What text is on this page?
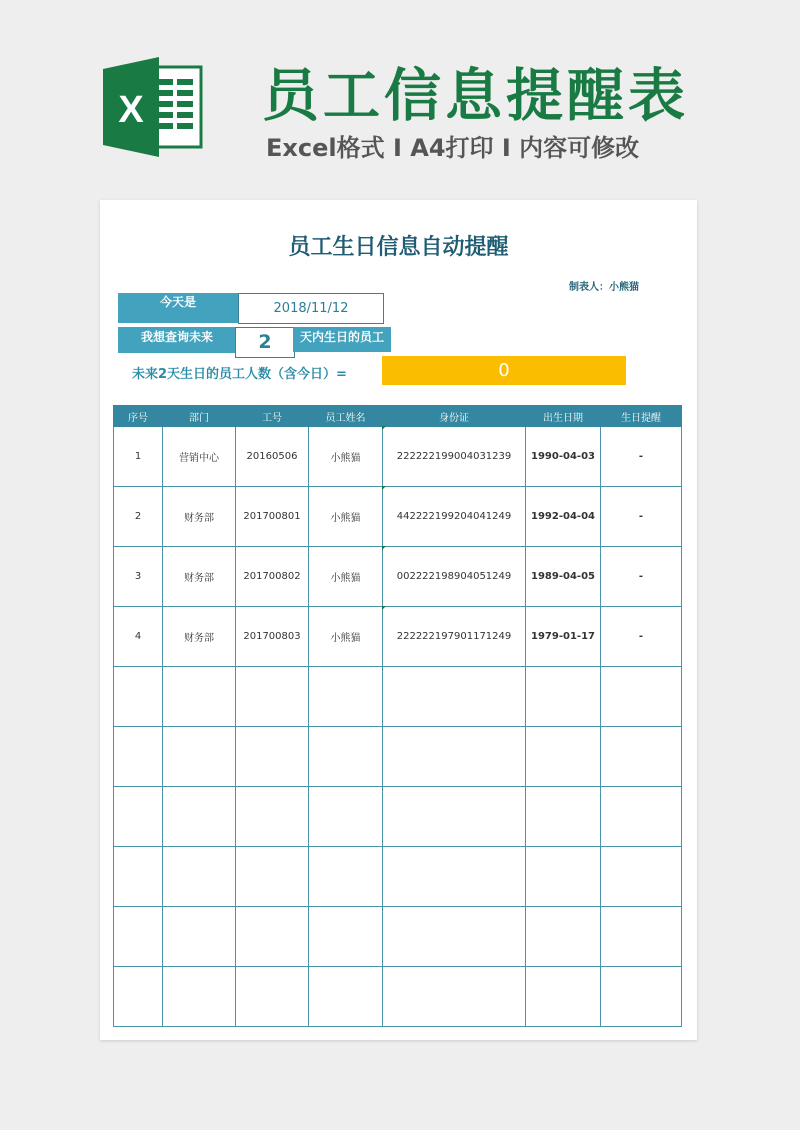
X 员工信息提醒表
Excel格式 I A4打印 I 内容可修改
员工生日信息自动提醒
制表人：小熊猫
今天是	2018/11/12
我想查询未来	2	天内生日的员工
未来2天生日的员工人数（含今日）=	0
序号	部门	工号	员工姓名	身份证	出生日期	生日提醒
1	营销中心	20160506	小熊猫	222222199004031239	1990-04-03	-
2	财务部	201700801	小熊猫	442222199204041249	1992-04-04	-
3	财务部	201700802	小熊猫	002222198904051249	1989-04-05	-
4	财务部	201700803	小熊猫	222222197901171249	1979-01-17	-
